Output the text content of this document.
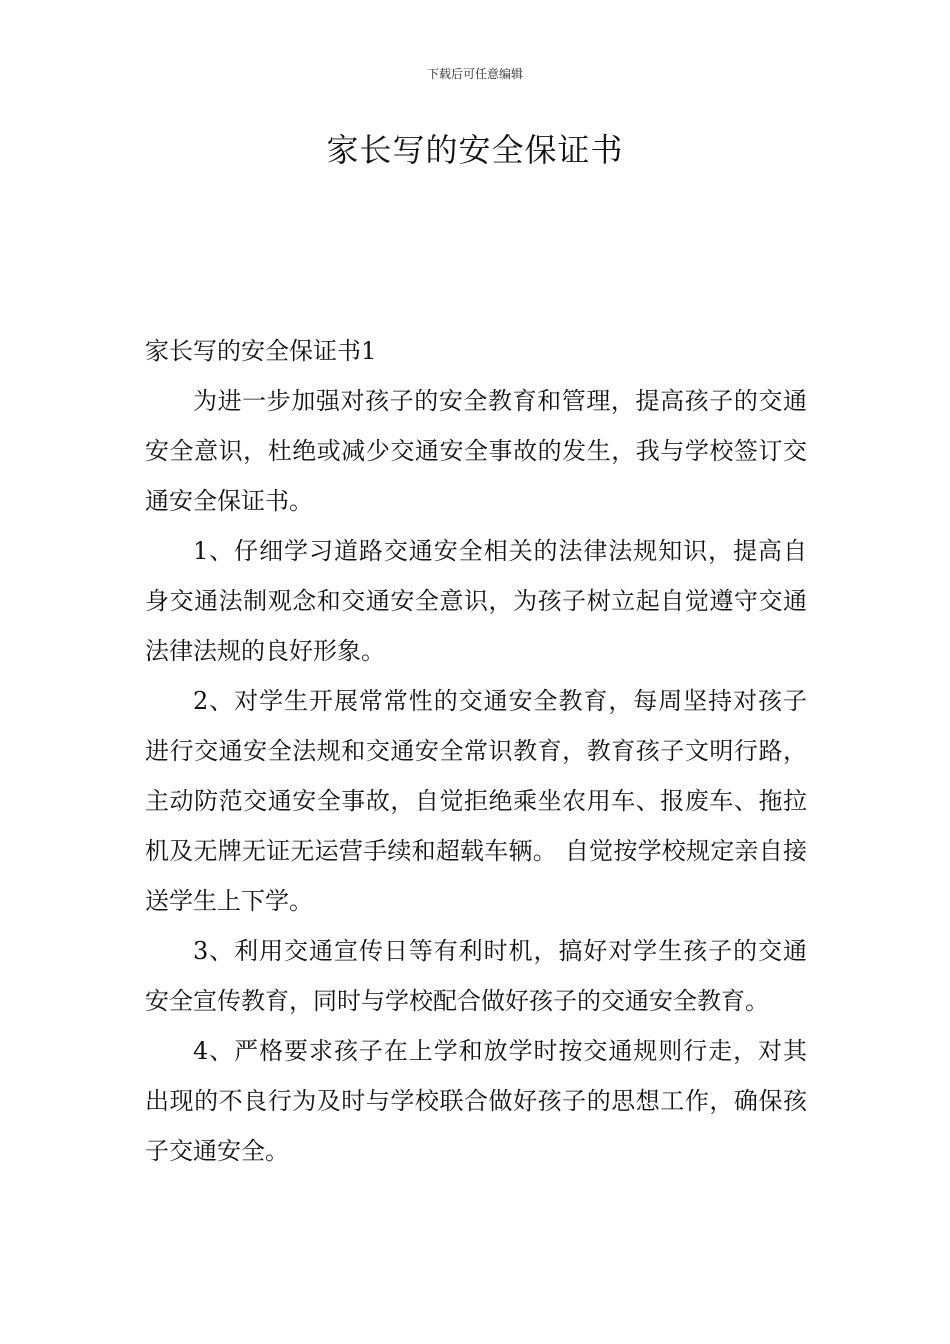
下载后可任意编辑
家长写的安全保证书

家长写的安全保证书1

为进一步加强对孩子的安全教育和管理，提高孩子的交通安全意识，杜绝或减少交通安全事故的发生，我与学校签订交通安全保证书。

1、仔细学习道路交通安全相关的法律法规知识，提高自身交通法制观念和交通安全意识，为孩子树立起自觉遵守交通法律法规的良好形象。

2、对学生开展常常性的交通安全教育，每周坚持对孩子进行交通安全法规和交通安全常识教育，教育孩子文明行路，主动防范交通安全事故，自觉拒绝乘坐农用车、报废车、拖拉机及无牌无证无运营手续和超载车辆。 自觉按学校规定亲自接送学生上下学。

3、利用交通宣传日等有利时机，搞好对学生孩子的交通安全宣传教育，同时与学校配合做好孩子的交通安全教育。

4、严格要求孩子在上学和放学时按交通规则行走，对其出现的不良行为及时与学校联合做好孩子的思想工作，确保孩子交通安全。
